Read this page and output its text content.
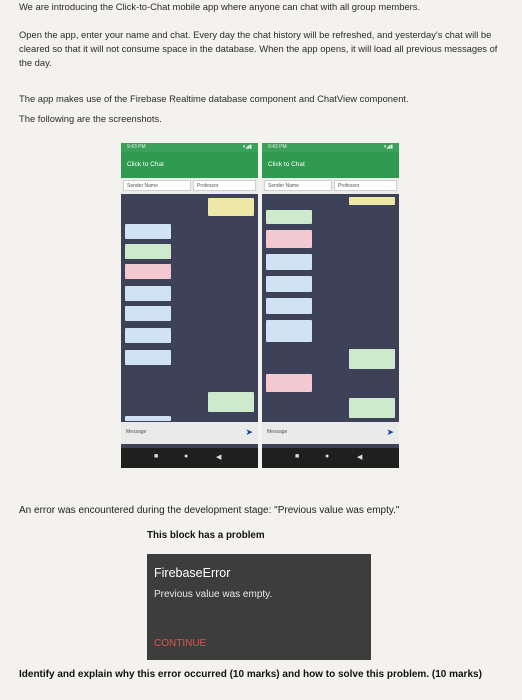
We are introducing the Click-to-Chat mobile app where anyone can chat with all group members.
Open the app, enter your name and chat. Every day the chat history will be refreshed, and yesterday's chat will be cleared so that it will not consume space in the database. When the app opens, it will load all previous messages of the day.
The app makes use of the Firebase Realtime database component and ChatView component.
The following are the screenshots.
9:43 PM	▾◢▮
Click to Chat
Sender Name	Professor
Message	➤
■	●	◀
9:43 PM	▾◢▮
Click to Chat
Sender Name	Professor
Message	➤
■	●	◀
An error was encountered during the development stage: "Previous value was empty."
This block has a problem
FirebaseError
Previous value was empty.
CONTINUE
Identify and explain why this error occurred (10 marks) and how to solve this problem. (10 marks)
